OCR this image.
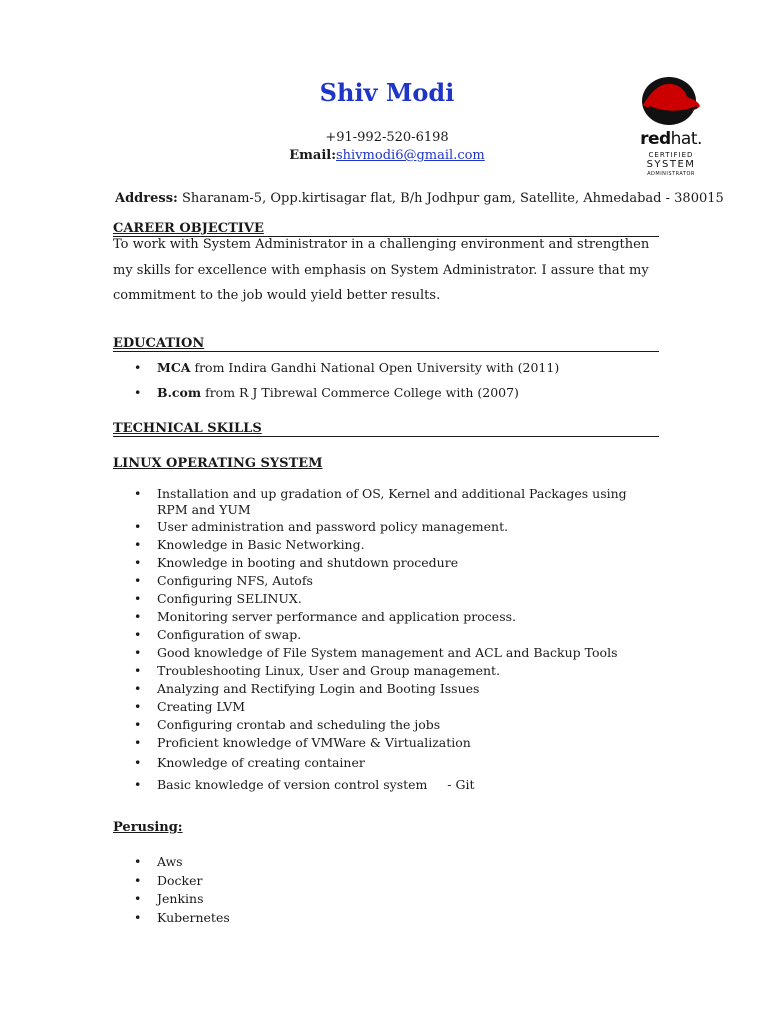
Shiv Modi
+91-992-520-6198
Email:shivmodi6@gmail.com
redhat.
CERTIFIED
SYSTEM
ADMINISTRATOR
Address: Sharanam-5, Opp.kirtisagar flat, B/h Jodhpur gam, Satellite, Ahmedabad - 380015
CAREER OBJECTIVE
To work with System Administrator in a challenging environment and strengthen my skills for excellence with emphasis on System Administrator. I assure that my commitment to the job would yield better results.
EDUCATION
• MCA from Indira Gandhi National Open University with (2011)
• B.com from R J Tibrewal Commerce College with (2007)
TECHNICAL SKILLS
LINUX OPERATING SYSTEM
• Installation and up gradation of OS, Kernel and additional Packages using RPM and YUM
• User administration and password policy management.
• Knowledge in Basic Networking.
• Knowledge in booting and shutdown procedure
• Configuring NFS, Autofs
• Configuring SELINUX.
• Monitoring server performance and application process.
• Configuration of swap.
• Good knowledge of File System management and ACL and Backup Tools
• Troubleshooting Linux, User and Group management.
• Analyzing and Rectifying Login and Booting Issues
• Creating LVM
• Configuring crontab and scheduling the jobs
• Proficient knowledge of VMWare & Virtualization
• Knowledge of creating container
• Basic knowledge of version control system     - Git
Perusing:
• Aws
• Docker
• Jenkins
• Kubernetes
